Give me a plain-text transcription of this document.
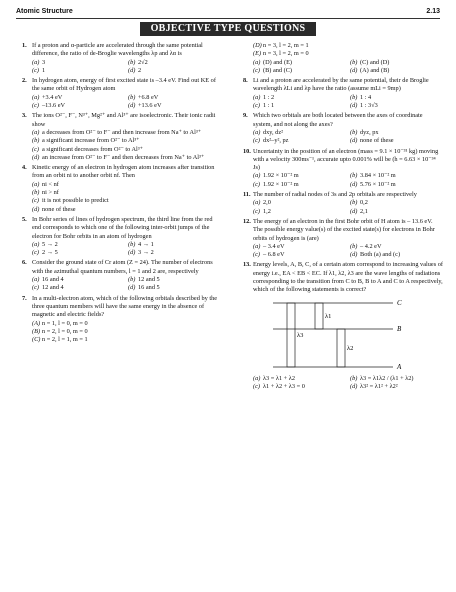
Atomic Structure	2.13
OBJECTIVE TYPE QUESTIONS
1. If a proton and α-particle are accelerated through the same potential difference, the ratio of de-Broglie wavelengths λp and λα is
(a) 3	(b) 2√2
(c) 1	(d) 2
2. In hydrogen atom, energy of first excited state is –3.4 eV. Find out KE of the same orbit of Hydrogen atom
(a) +3.4 eV	(b) +6.8 eV
(c) –13.6 eV	(d) +13.6 eV
3. The ions O²⁻, F⁻, N³⁺, Mg²⁺ and Al³⁺ are isoelectronic. Their ionic radii show
(a) a decreases from O²⁻ to F⁻ and then increase from Na⁺ to Al³⁺
(b) a significant increase from O²⁻ to Al³⁺
(c) a significant decreases from O²⁻ to Al³⁺
(d) an increase from O²⁻ to F⁻ and then decreases from Na⁺ to Al³⁺
4. Kinetic energy of an electron in hydrogen atom increases after transition from an orbit ni to another orbit nf. Then
(a) ni < nf
(b) ni > nf
(c) it is not possible to predict
(d) none of these
5. In Bohr series of lines of hydrogen spectrum, the third line from the red end corresponds to which one of the following inter-orbit jumps of the electron for Bohr orbits in an atom of hydrogen
(a) 5 → 2	(b) 4 → 1
(c) 2 → 5	(d) 3 → 2
6. Consider the ground state of Cr atom (Z = 24). The number of electrons with the azimuthal quantum numbers, l = 1 and 2 are, respectively
(a) 16 and 4	(b) 12 and 5
(c) 12 and 4	(d) 16 and 5
7. In a multi-electron atom, which of the following orbitals described by the three quantum members will have the same energy in the absence of magnetic and electric fields?
(A) n = 1, l = 0, m = 0
(B) n = 2, l = 0, m = 0
(C) n = 2, l = 1, m = 1
(D) n = 3, l = 2, m = 1
(E) n = 3, l = 2, m = 0
(a) (D) and (E)	(b) (C) and (D)
(c) (B) and (C)	(d) (A) and (B)
8. Li and a proton are accelerated by the same potential, their de Broglie wavelength λLi and λp have the ratio (assume mLi = 9mp)
(a) 1 : 2	(b) 1 : 4
(c) 1 : 1	(d) 1 : 3√3
9. Which two orbitals are both located between the axes of coordinate system, and not along the axes?
(a) dxy, dz²	(b) dyz, px
(c) dx²–y², pz	(d) none of these
10. Uncertainty in the position of an electron (mass = 9.1 × 10⁻³¹ kg) moving with a velocity 300ms⁻¹, accurate upto 0.001% will be (h = 6.63 × 10⁻³⁴ Js)
(a) 1.92 × 10⁻² m	(b) 3.84 × 10⁻² m
(c) 1.92 × 10⁻² m	(d) 5.76 × 10⁻² m
11. The number of radial nodes of 3s and 2p orbitals are respectively
(a) 2,0	(b) 0,2
(c) 1,2	(d) 2,1
12. The energy of an electron in the first Bohr orbit of H atom is – 13.6 eV. The possible energy value(s) of the excited state(s) for electrons in Bohr orbits of hydrogen is (are)
(a) – 3.4 eV	(b) – 4.2 eV
(c) – 6.8 eV	(d) Both (a) and (c)
13. Energy levels, A, B, C, of a certain atom correspond to increasing values of energy i.e., EA < EB < EC. If λ1, λ2, λ3 are the wave lengths of radiations corresponding to the transition from C to B, B to A and C to A respectively, which of the following statements is correct?
C
B
A
λ3
λ1
λ2
(a) λ3 = λ1 + λ2	(b) λ3 = λ1λ2 / (λ1 + λ2)
(c) λ1 + λ2 + λ3 = 0	(d) λ3² = λ1² + λ2²
